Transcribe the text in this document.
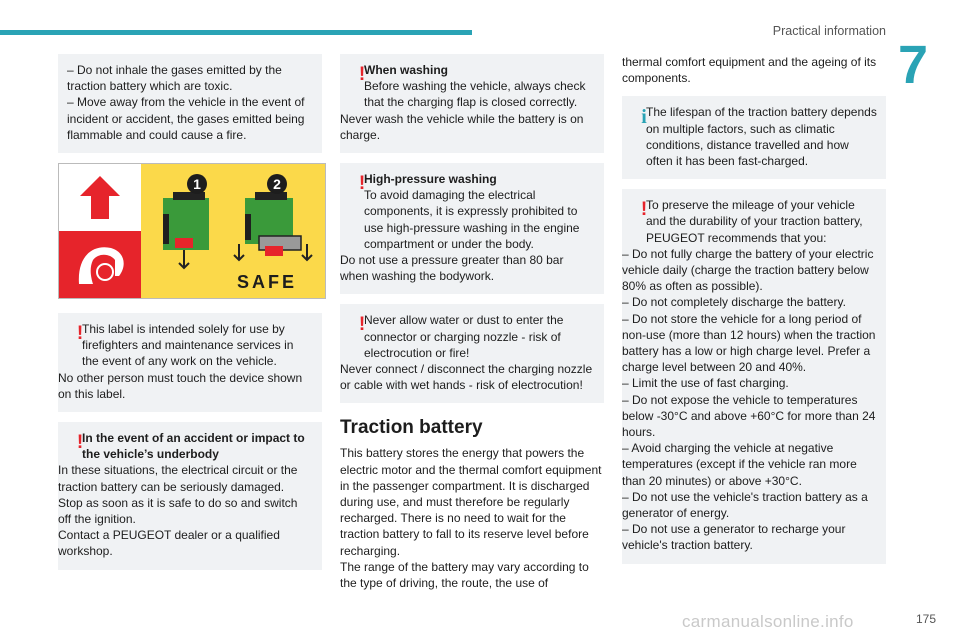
Practical information
7

– Do not inhale the gases emitted by the traction battery which are toxic.

– Move away from the vehicle in the event of incident or accident, the gases emitted being flammable and could cause a fire.

1	2
SAFE
!

This label is intended solely for use by firefighters and maintenance services in the event of any work on the vehicle.

No other person must touch the device shown on this label.

!

In the event of an accident or impact to the vehicle’s underbody

In these situations, the electrical circuit or the traction battery can be seriously damaged.

Stop as soon as it is safe to do so and switch off the ignition.

Contact a PEUGEOT dealer or a qualified workshop.

!

When washing

Before washing the vehicle, always check that the charging flap is closed correctly.

Never wash the vehicle while the battery is on charge.

!

High-pressure washing

To avoid damaging the electrical components, it is expressly prohibited to use high-pressure washing in the engine compartment or under the body.

Do not use a pressure greater than 80 bar when washing the bodywork.

!

Never allow water or dust to enter the connector or charging nozzle - risk of electrocution or fire!

Never connect / disconnect the charging nozzle or cable with wet hands - risk of electrocution!

Traction battery

This battery stores the energy that powers the electric motor and the thermal comfort equipment in the passenger compartment. It is discharged during use, and must therefore be regularly recharged. There is no need to wait for the traction battery to fall to its reserve level before recharging.

The range of the battery may vary according to the type of driving, the route, the use of

thermal comfort equipment and the ageing of its components.

i The lifespan of the traction battery depends on multiple factors, such as climatic conditions, distance travelled and how often it has been fast-charged.

!

To preserve the mileage of your vehicle and the durability of your traction battery, PEUGEOT recommends that you:

– Do not fully charge the battery of your electric vehicle daily (charge the traction battery below 80% as often as possible).

– Do not completely discharge the battery.

– Do not store the vehicle for a long period of non-use (more than 12 hours) when the traction battery has a low or high charge level. Prefer a charge level between 20 and 40%.

– Limit the use of fast charging.

– Do not expose the vehicle to temperatures below -30°C and above +60°C for more than 24 hours.

– Avoid charging the vehicle at negative temperatures (except if the vehicle ran more than 20 minutes) or above +30°C.

– Do not use the vehicle's traction battery as a generator of energy.

– Do not use a generator to recharge your vehicle's traction battery.

175
carmanualsonline.info
